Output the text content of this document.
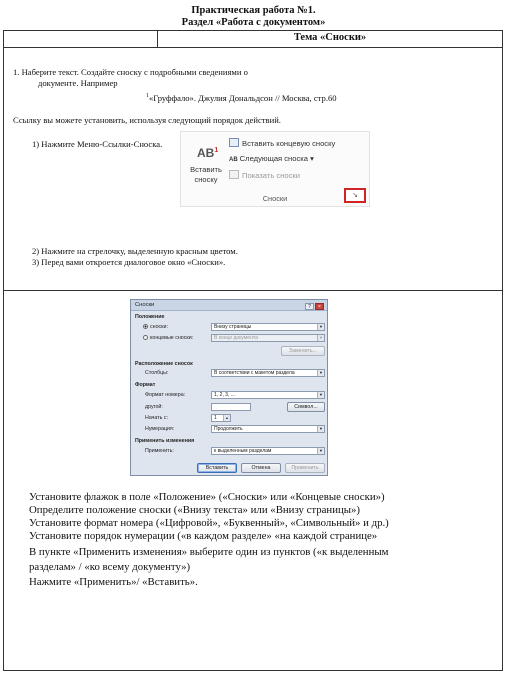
Практическая работа №1.
Раздел «Работа с документом»
Тема «Сноски»
1. Наберите текст. Создайте сноску с подробными сведениями о
документе. Например
$^1$«Груффало». Джулия Дональдсон // Москва, стр.60
Ссылку вы можете установить, используя следующий порядок действий.
1) Нажмите Меню-Ссылки-Сноска.
$AB^1$
Вставить
сноску
Вставить концевую сноску
AB Следующая сноска ▾
Показать сноски
Сноски	↘
2) Нажмите на стрелочку, выделенную красным цветом.
3) Перед вами откроется диалоговое окно «Сноски».
Сноски	? ×
Положение
сноски:	Внизу страницы	▼
концевые сноски:	В конце документа	▼
Заменить...
Расположение сносок
Столбцы:	В соответствии с макетом раздела	▼
Формат
Формат номера:	1, 2, 3, ...	▼
другой:	Символ...
Начать с:	1	▴
Нумерация:	Продолжить	▼
Применить изменения
Применить:	к выделенным разделам	▼
Вставить	Отмена	Применить
Установите флажок в поле «Положение» («Сноски» или «Концевые сноски»)
Определите положение сноски («Внизу текста» или «Внизу страницы»)
Установите формат номера («Цифровой», «Буквенный», «Символьный» и др.)
Установите порядок нумерации («в каждом разделе» «на каждой странице»
В пункте «Применить изменения» выберите один из пунктов («к выделенным
разделам» / «ко всему документу»)
Нажмите «Применить»/ «Вставить».
